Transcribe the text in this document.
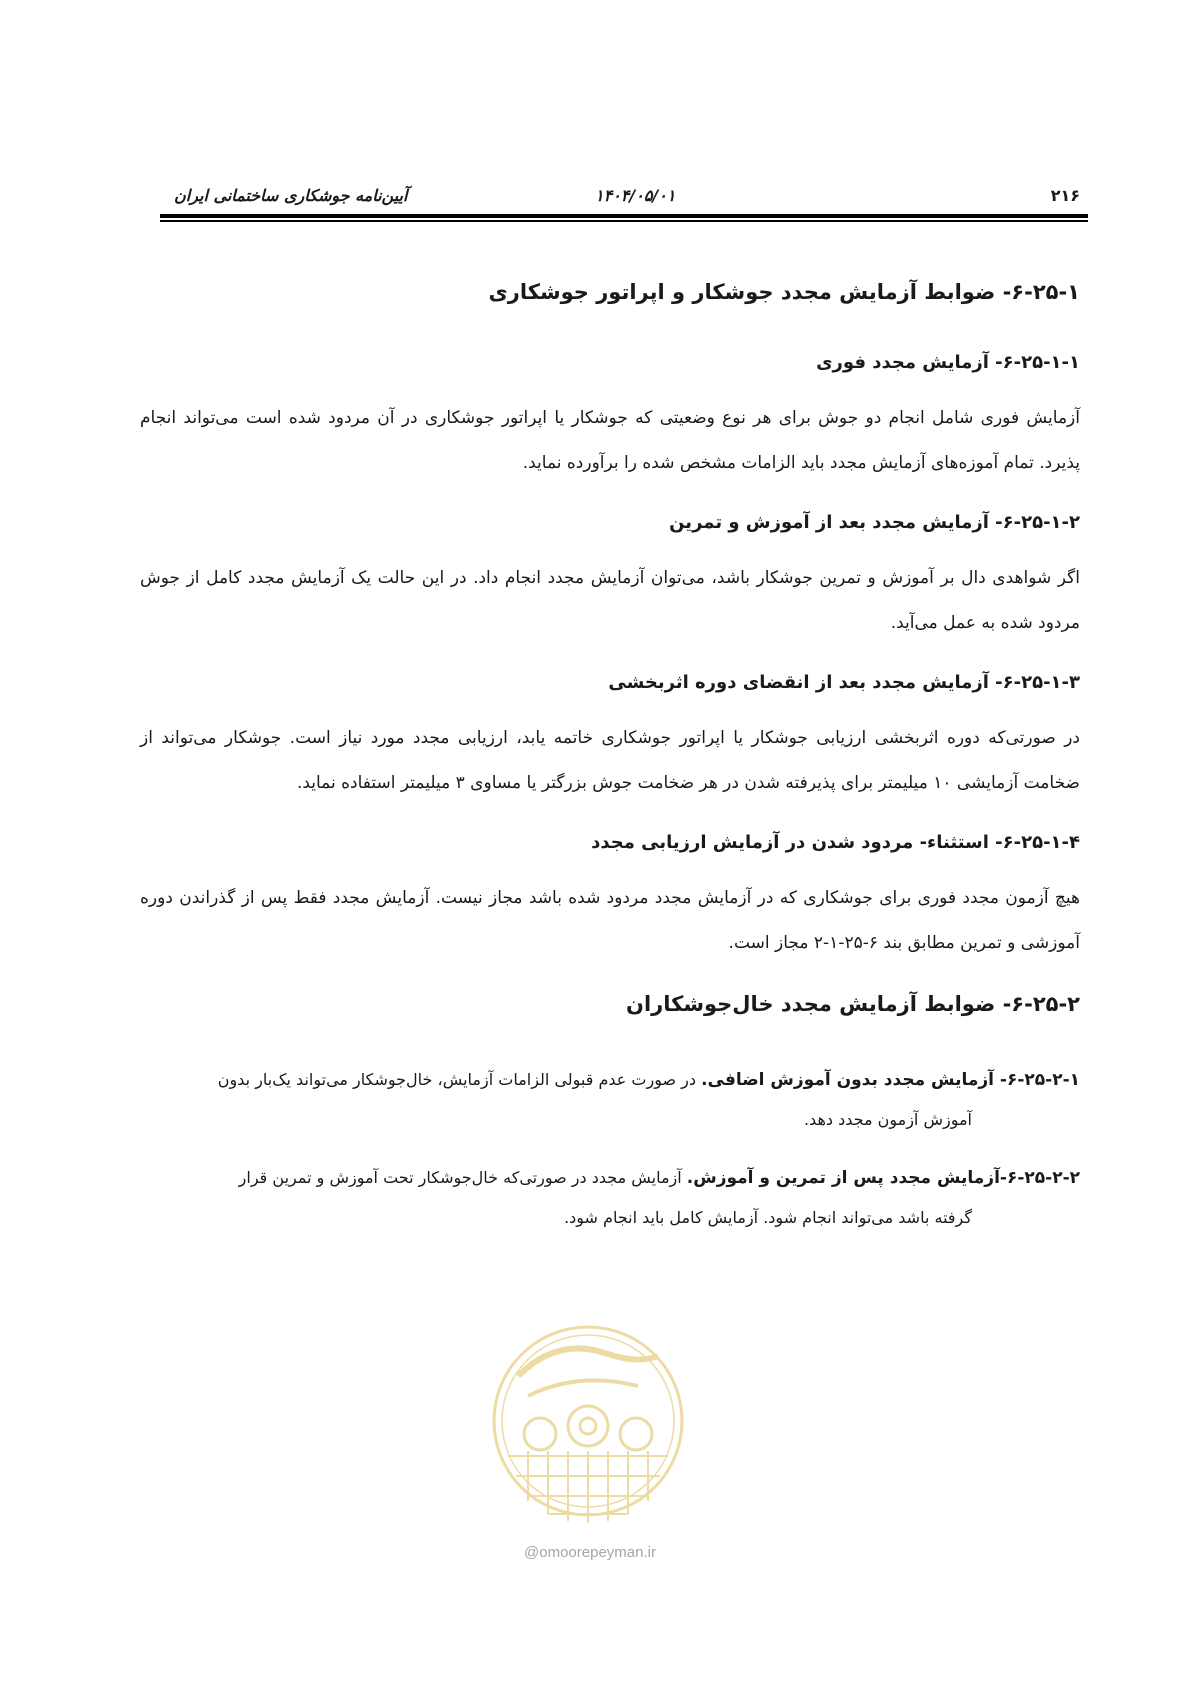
۲۱۶
۱۴۰۴/۰۵/۰۱
آیین‌نامه جوشکاری ساختمانی ایران
۶-۲۵-۱- ضوابط آزمایش مجدد جوشکار و اپراتور جوشکاری
۶-۲۵-۱-۱- آزمایش مجدد فوری
آزمایش فوری شامل انجام دو جوش برای هر نوع وضعیتی که جوشکار یا اپراتور جوشکاری در آن مردود شده است می‌تواند انجام پذیرد. تمام آموزه‌های آزمایش مجدد باید الزامات مشخص شده را برآورده نماید.
۶-۲۵-۱-۲- آزمایش مجدد بعد از آموزش و تمرین
اگر شواهدی دال بر آموزش و تمرین جوشکار باشد، می‌توان آزمایش مجدد انجام داد. در این حالت یک آزمایش مجدد کامل از جوش مردود شده به عمل می‌آید.
۶-۲۵-۱-۳- آزمایش مجدد بعد از انقضای دوره اثربخشی
در صورتی‌که دوره اثربخشی ارزیابی جوشکار یا اپراتور جوشکاری خاتمه یابد، ارزیابی مجدد مورد نیاز است. جوشکار می‌تواند از ضخامت آزمایشی ۱۰ میلیمتر برای پذیرفته شدن در هر ضخامت جوش بزرگتر یا مساوی ۳ میلیمتر استفاده نماید.
۶-۲۵-۱-۴- استثناء- مردود شدن در آزمایش ارزیابی مجدد
هیچ آزمون مجدد فوری برای جوشکاری که در آزمایش مجدد مردود شده باشد مجاز نیست. آزمایش مجدد فقط پس از گذراندن دوره آموزشی و تمرین مطابق بند ۶-۲۵-۱-۲ مجاز است.
۶-۲۵-۲- ضوابط آزمایش مجدد خال‌جوشکاران
۶-۲۵-۲-۱- آزمایش مجدد بدون آموزش اضافی. در صورت عدم قبولی الزامات آزمایش، خال‌جوشکار می‌تواند یک‌بار بدون
آموزش آزمون مجدد دهد.
۶-۲۵-۲-۲-آزمایش مجدد پس از تمرین و آموزش. آزمایش مجدد در صورتی‌که خال‌جوشکار تحت آموزش و تمرین قرار
گرفته باشد می‌تواند انجام شود. آزمایش کامل باید انجام شود.
@omoorepeyman.ir
